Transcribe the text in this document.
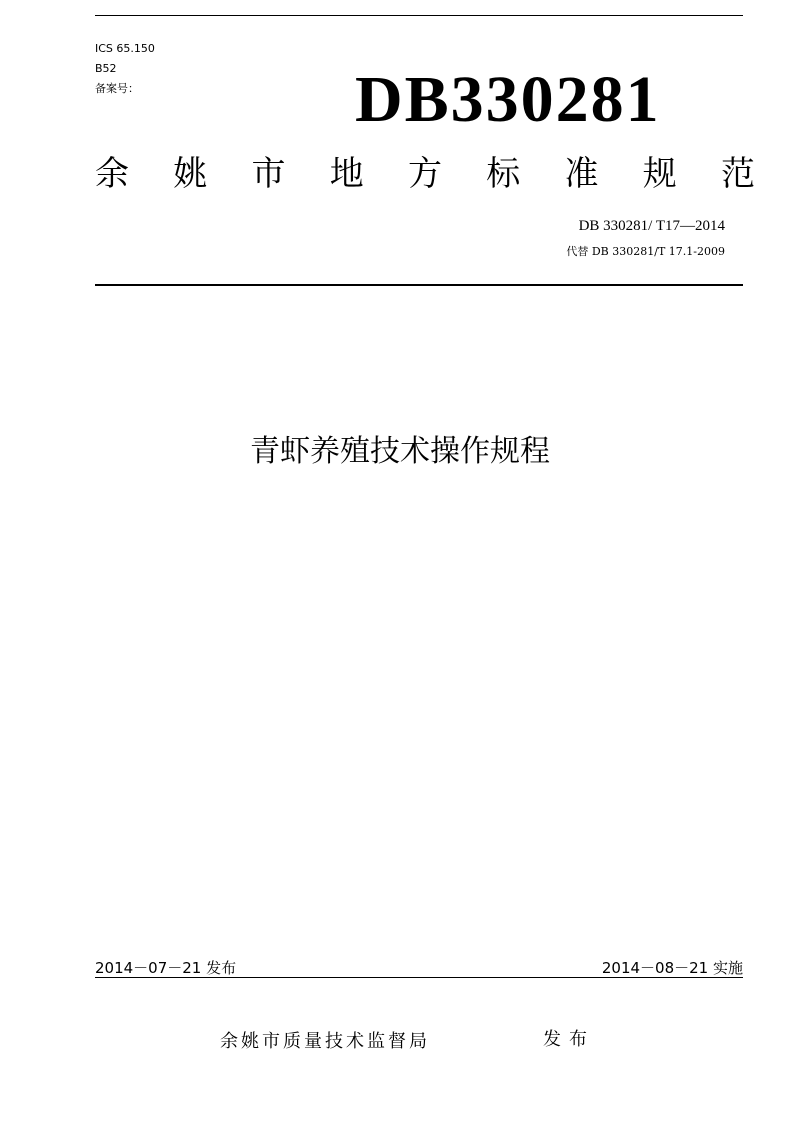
ICS 65.150
B52
备案号：	DB330281
余 姚 市 地 方 标 准 规 范
DB 330281/ T17—2014
代替 DB 330281/T 17.1-2009
青虾养殖技术操作规程
2014－07－21 发布	2014－08－21 实施
余姚市质量技术监督局	发布
